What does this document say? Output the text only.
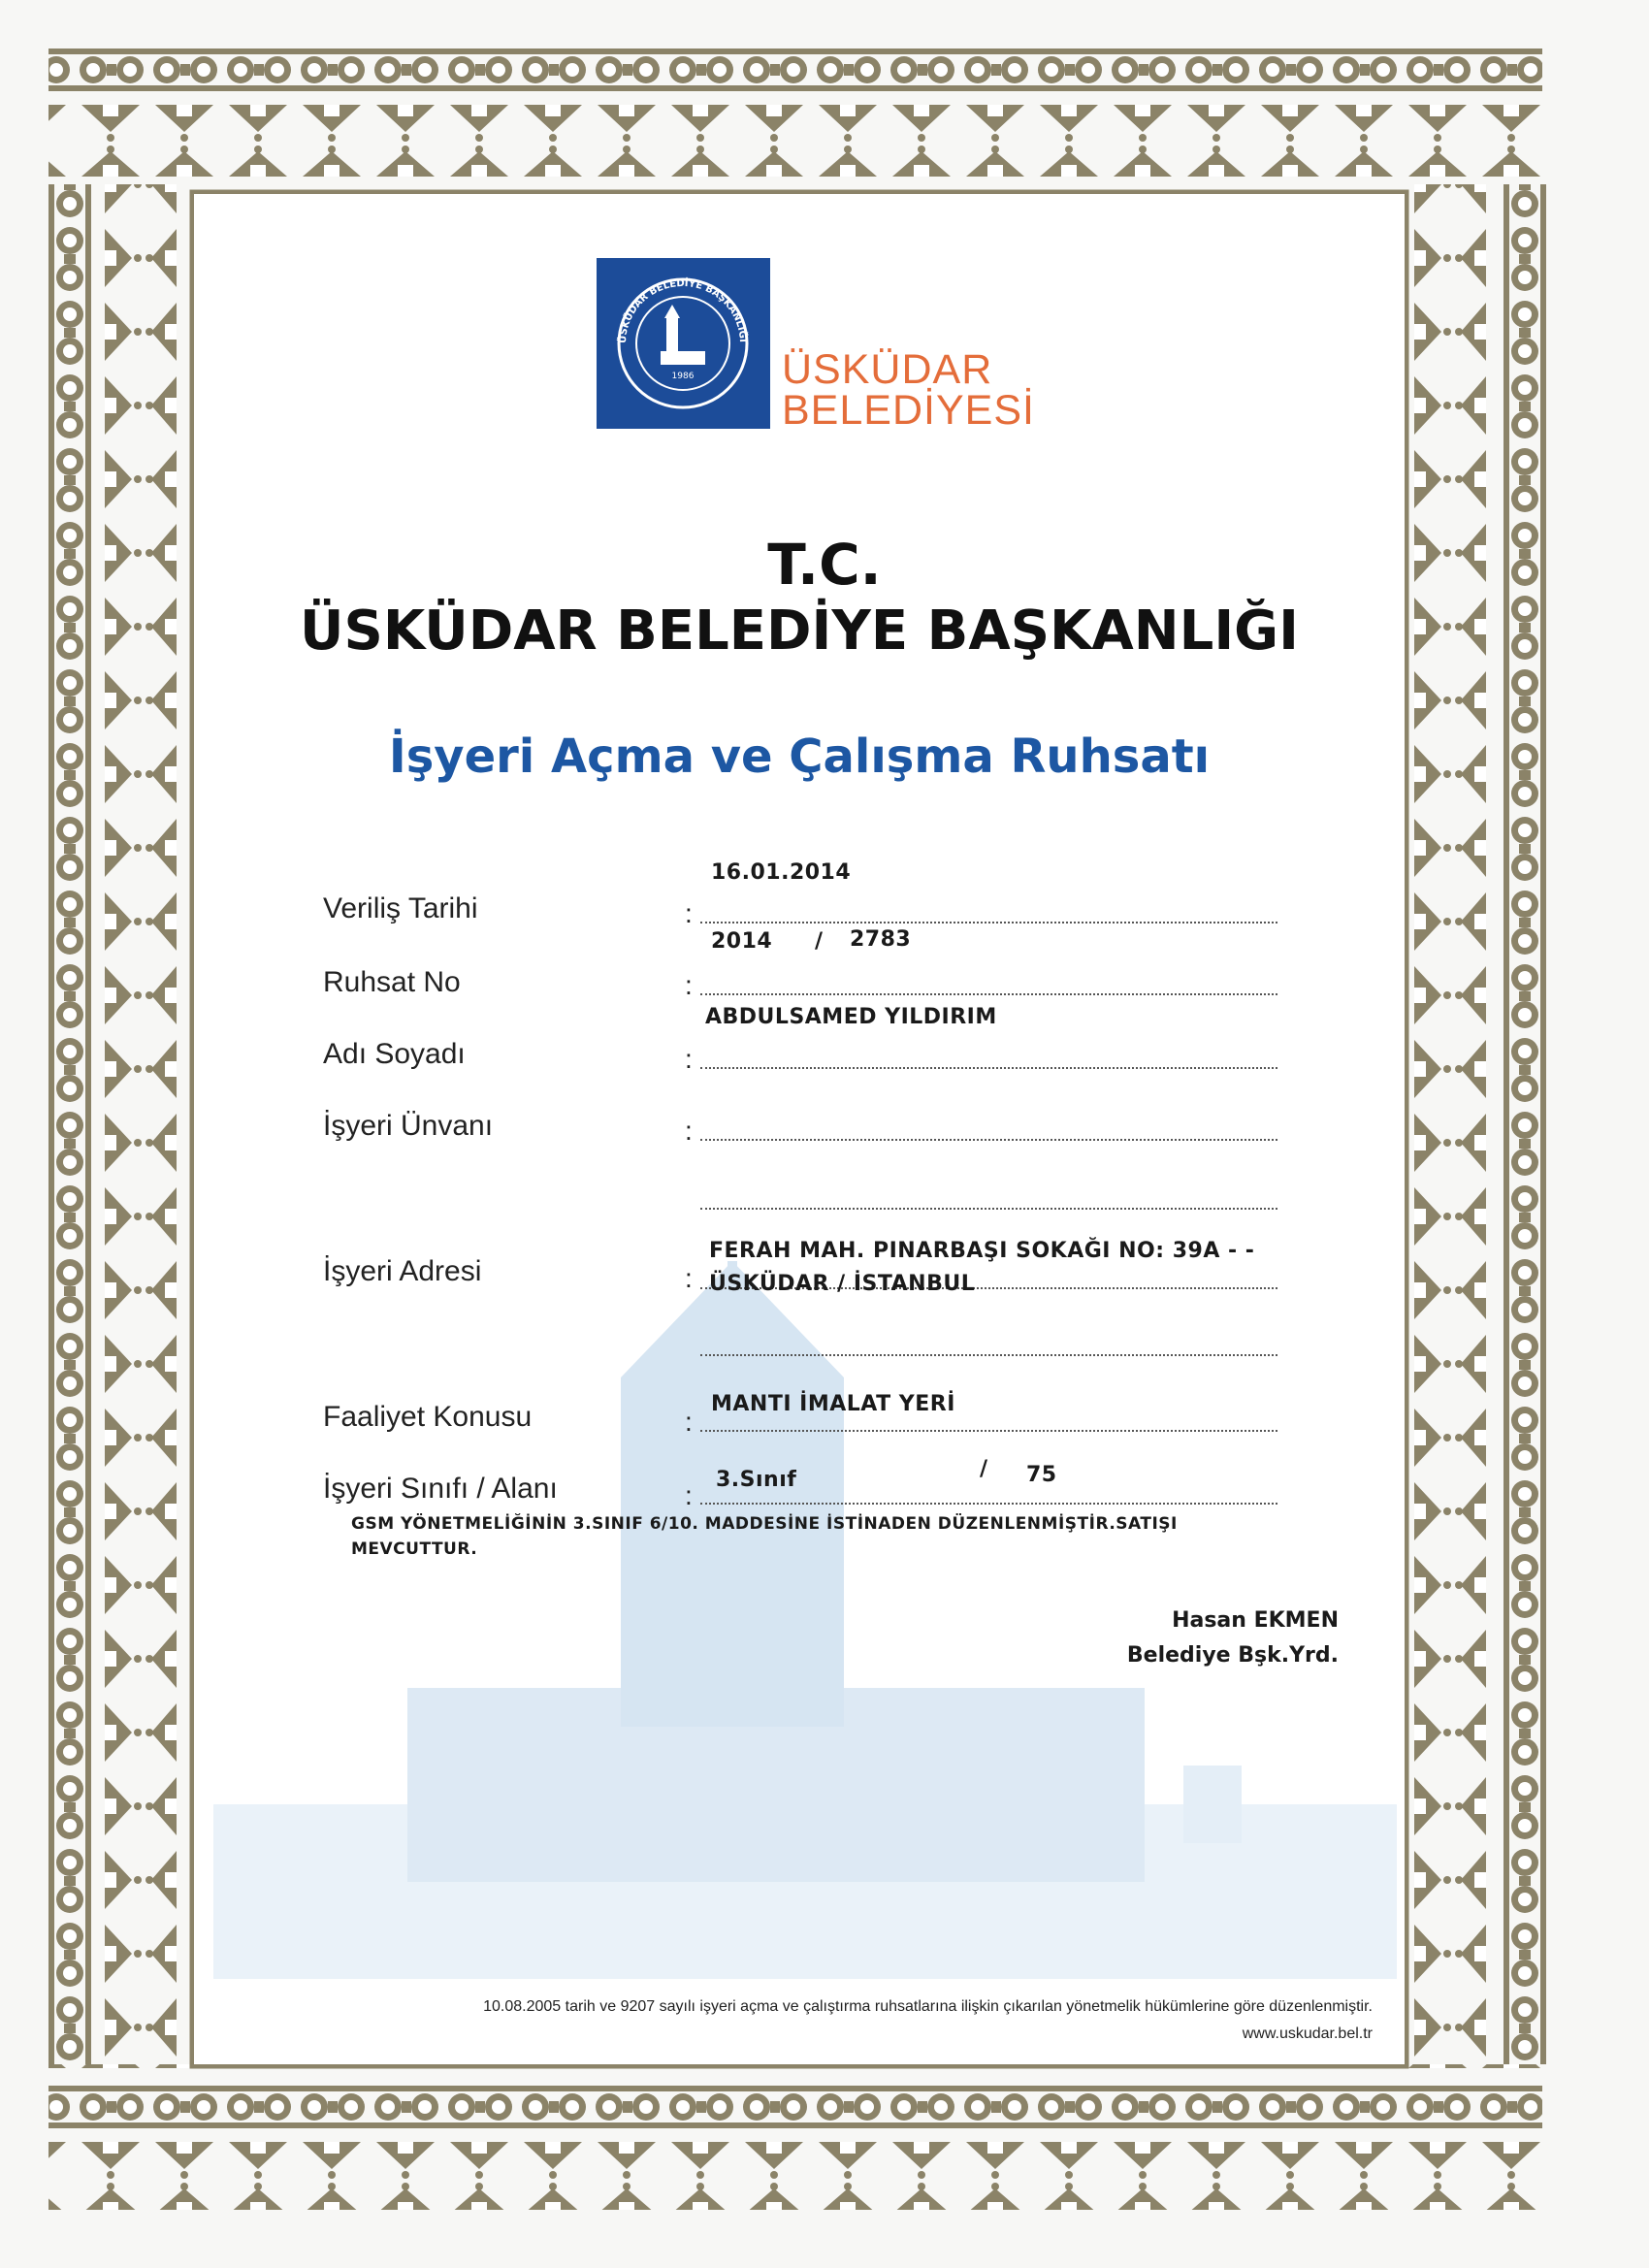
ÜSKÜDAR BELEDİYE BAŞKANLIĞI
1986 ÜSKÜDAR
BELEDİYESİ
T.C.
ÜSKÜDAR BELEDİYE BAŞKANLIĞI
İşyeri Açma ve Çalışma Ruhsatı
Veriliş Tarihi	:
16.01.2014
Ruhsat No	:
2014 / 2783
Adı Soyadı	:
ABDULSAMED YILDIRIM
İşyeri Ünvanı	:
İşyeri Adresi	:
FERAH MAH. PINARBAŞI SOKAĞI NO: 39A - -
ÜSKÜDAR / İSTANBUL
Faaliyet Konusu	:
MANTI İMALAT YERİ
İşyeri Sınıfı / Alanı	:
3.Sınıf	/ 75
GSM YÖNETMELİĞİNİN 3.SINIF 6/10. MADDESİNE İSTİNADEN DÜZENLENMİŞTİR.SATIŞI MEVCUTTUR.
Hasan EKMEN
Belediye Bşk.Yrd.
10.08.2005 tarih ve 9207 sayılı işyeri açma ve çalıştırma ruhsatlarına ilişkin çıkarılan yönetmelik hükümlerine göre düzenlenmiştir.
www.uskudar.bel.tr
